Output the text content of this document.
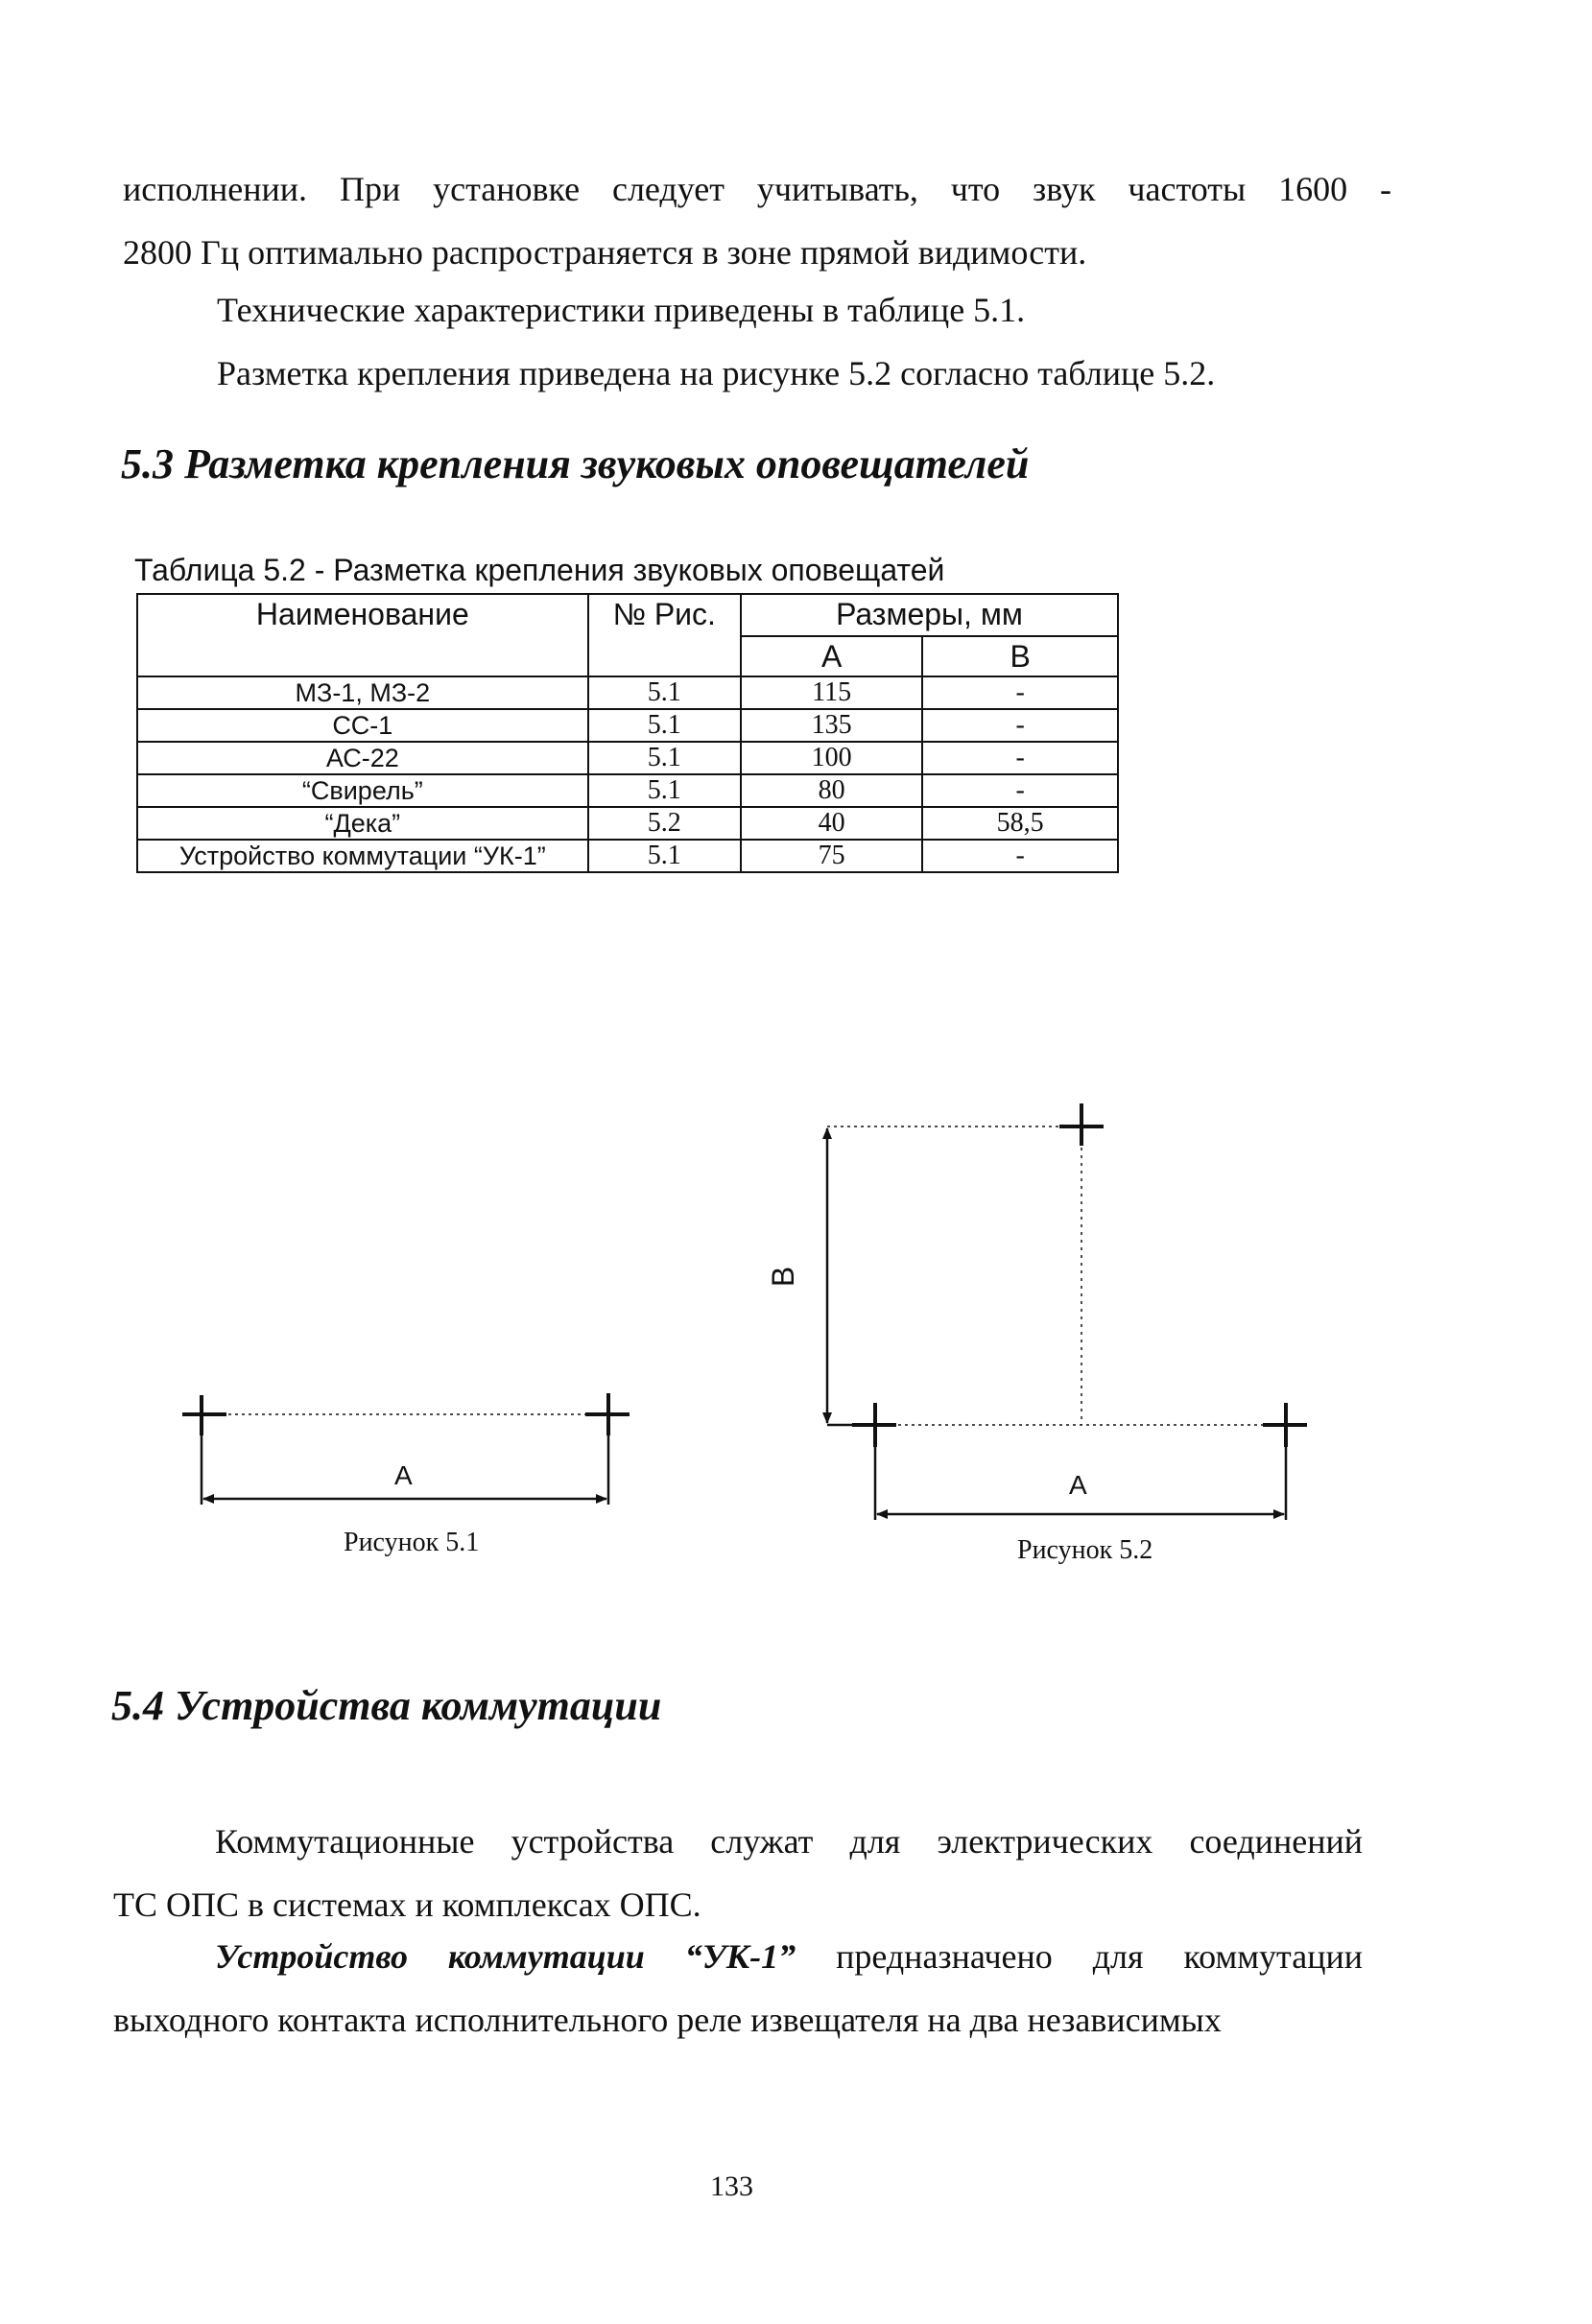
исполнении. При установке следует учитывать, что звук частоты 1600 -
2800 Гц оптимально распространяется в зоне прямой видимости.
Технические характеристики приведены в таблице 5.1.
Разметка крепления приведена на рисунке 5.2 согласно таблице 5.2.
5.3 Разметка крепления звуковых оповещателей
Таблица 5.2 - Разметка крепления звуковых оповещатей
Наименование	№ Рис.	Размеры, мм	
		А	В
МЗ-1, МЗ-2	5.1	115	-
СС-1	5.1	135	-
АС-22	5.1	100	-
“Свирель”	5.1	80	-
“Дека”	5.2	40	58,5
Устройство коммутации “УК-1”	5.1	75	-
А
Рисунок 5.1
В
А
Рисунок 5.2
5.4 Устройства коммутации
Коммутационные устройства служат для электрических соединений
ТС ОПС в системах и комплексах ОПС.
Устройство коммутации “УК-1” предназначено для коммутации
выходного контакта исполнительного реле извещателя на два независимых
133
